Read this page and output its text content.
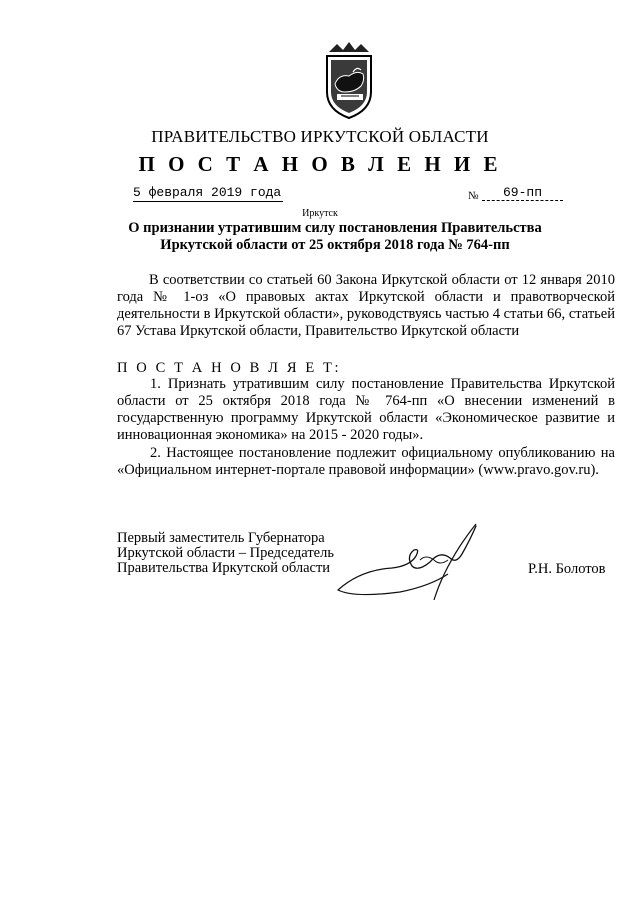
ПРАВИТЕЛЬСТВО ИРКУТСКОЙ ОБЛАСТИ
П О С Т А Н О В Л Е Н И Е
5 февраля 2019 года	№	69-пп
Иркутск
О признании утратившим силу постановления Правительства Иркутской области от 25 октября 2018 года № 764-пп
В соответствии со статьей 60 Закона Иркутской области от 12 января 2010 года № 1-оз «О правовых актах Иркутской области и правотворческой деятельности в Иркутской области», руководствуясь частью 4 статьи 66, статьей 67 Устава Иркутской области, Правительство Иркутской области
П О С Т А Н О В Л Я Е Т:
1. Признать утратившим силу постановление Правительства Иркутской области от 25 октября 2018 года № 764-пп «О внесении изменений в государственную программу Иркутской области «Экономическое развитие и инновационная экономика» на 2015 - 2020 годы».
2. Настоящее постановление подлежит официальному опубликованию на «Официальном интернет-портале правовой информации» (www.pravo.gov.ru).
Первый заместитель Губернатора
Иркутской области – Председатель
Правительства Иркутской области	Р.Н. Болотов
